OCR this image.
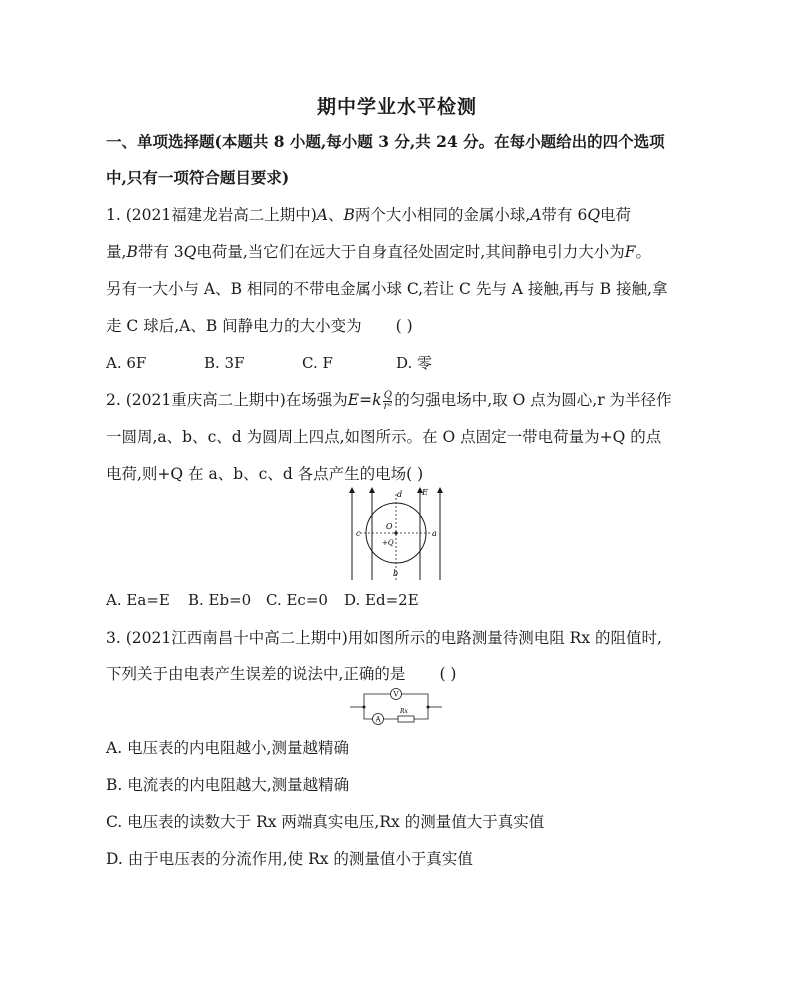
期中学业水平检测
一、单项选择题(本题共 8 小题,每小题 3 分,共 24 分。在每小题给出的四个选项
中,只有一项符合题目要求)
1. (2021福建龙岩高二上期中)A、B两个大小相同的金属小球,A带有 6Q电荷
量,B带有 3Q电荷量,当它们在远大于自身直径处固定时,其间静电引力大小为F。
另有一大小与 A、B 相同的不带电金属小球 C,若让 C 先与 A 接触,再与 B 接触,拿
走 C 球后,A、B 间静电力的大小变为 ( )
A. 6F	B. 3F	C. F	D. 零
2. (2021重庆高二上期中)在场强为$E=k \frac{Q}{\text{r²}}$ 的匀强电场中,取 O 点为圆心,r 为半径作
一圆周,a、b、c、d 为圆周上四点,如图所示。在 O 点固定一带电荷量为+Q 的点
电荷,则+Q 在 a、b、c、d 各点产生的电场( )
d E
O
+Q
c	a
b
A. Ea=E B. Eb=0 C. Ec=0 D. Ed=2E
3. (2021江西南昌十中高二上期中)用如图所示的电路测量待测电阻 Rx 的阻值时,
下列关于由电表产生误差的说法中,正确的是 ( )
V
A
Rx
A. 电压表的内电阻越小,测量越精确
B. 电流表的内电阻越大,测量越精确
C. 电压表的读数大于 Rx 两端真实电压,Rx 的测量值大于真实值
D. 由于电压表的分流作用,使 Rx 的测量值小于真实值
